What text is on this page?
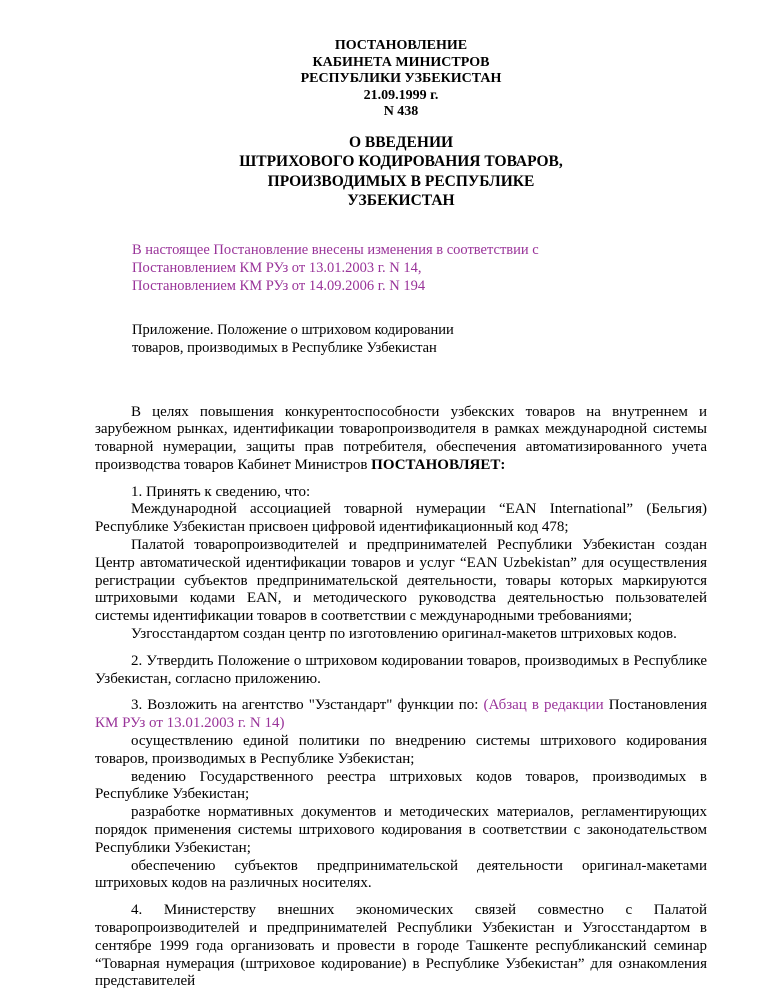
ПОСТАНОВЛЕНИЕ
КАБИНЕТА МИНИСТРОВ
РЕСПУБЛИКИ УЗБЕКИСТАН
21.09.1999 г.
N 438
О ВВЕДЕНИИ
ШТРИХОВОГО КОДИРОВАНИЯ ТОВАРОВ,
ПРОИЗВОДИМЫХ В РЕСПУБЛИКЕ
УЗБЕКИСТАН
В настоящее Постановление внесены изменения в соответствии с
Постановлением КМ РУз от 13.01.2003 г. N 14,
Постановлением КМ РУз от 14.09.2006 г. N 194
Приложение. Положение о штриховом кодировании
товаров, производимых в Республике Узбекистан

В целях повышения конкурентоспособности узбекских товаров на внутреннем и зарубежном рынках, идентификации товаропроизводителя в рамках международной системы товарной нумерации, защиты прав потребителя, обеспечения автоматизированного учета производства товаров Кабинет Министров ПОСТАНОВЛЯЕТ:

1. Принять к сведению, что:

Международной ассоциацией товарной нумерации “EAN International” (Бельгия) Республике Узбекистан присвоен цифровой идентификационный код 478;

Палатой товаропроизводителей и предпринимателей Республики Узбекистан создан Центр автоматической идентификации товаров и услуг “EAN Uzbekistan” для осуществления регистрации субъектов предпринимательской деятельности, товары которых маркируются штриховыми кодами EAN, и методического руководства деятельностью пользователей системы идентификации товаров в соответствии с международными требованиями;

Узгосстандартом создан центр по изготовлению оригинал-макетов штриховых кодов.

2. Утвердить Положение о штриховом кодировании товаров, производимых в Республике Узбекистан, согласно приложению.

3. Возложить на агентство "Узстандарт" функции по: (Абзац в редакции Постановления КМ РУз от 13.01.2003 г. N 14)

осуществлению единой политики по внедрению системы штрихового кодирования товаров, производимых в Республике Узбекистан;

ведению Государственного реестра штриховых кодов товаров, производимых в Республике Узбекистан;

разработке нормативных документов и методических материалов, регламентирующих порядок применения системы штрихового кодирования в соответствии с законодательством Республики Узбекистан;

обеспечению субъектов предпринимательской деятельности оригинал-макетами штриховых кодов на различных носителях.

4. Министерству внешних экономических связей совместно с Палатой товаропроизводителей и предпринимателей Республики Узбекистан и Узгосстандартом в сентябре 1999 года организовать и провести в городе Ташкенте республиканский семинар “Товарная нумерация (штриховое кодирование) в Республике Узбекистан” для ознакомления представителей
